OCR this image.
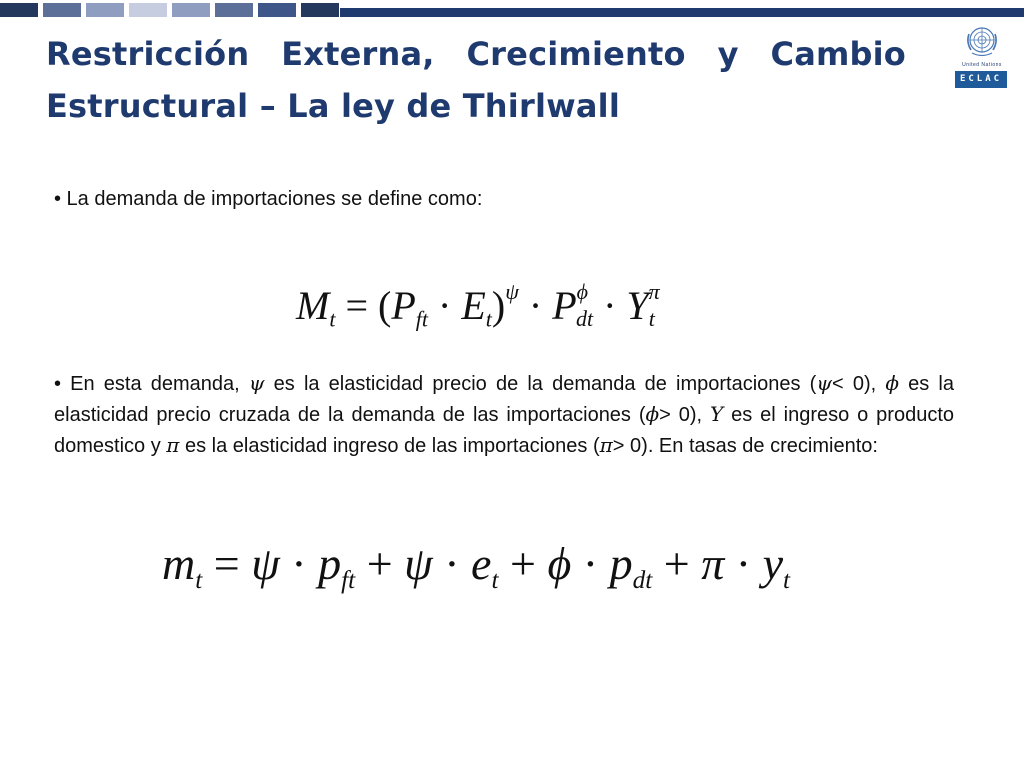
Restricción Externa, Crecimiento y Cambio
Estructural – La ley de Thirlwall
United Nations
ECLAC

• La demanda de importaciones se define como:

$M_t = (P_{ft} \cdot E_t)^\psi \cdot P^\phi_{dt} \cdot Y^\pi_t$

• En esta demanda, ψ es la elasticidad precio de la demanda de importaciones (ψ< 0), ϕ es la elasticidad precio cruzada de la demanda de las importaciones (ϕ> 0), Y es el ingreso o producto domestico y π es la elasticidad ingreso de las importaciones (π> 0). En tasas de crecimiento:

$m_t = \psi \cdot p_{ft} + \psi \cdot e_t + \phi \cdot p_{dt} + \pi \cdot y_t$
